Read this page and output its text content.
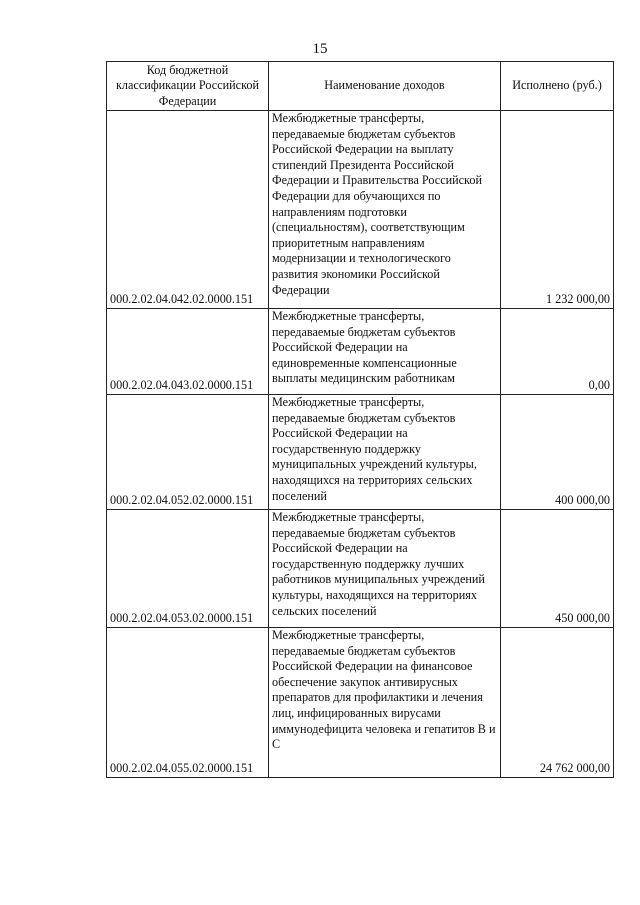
15
Код бюджетной классификации Российской Федерации	Наименование доходов	Исполнено (руб.)
000.2.02.04.042.02.0000.151	Межбюджетные трансферты, передаваемые бюджетам субъектов Российской Федерации на выплату стипендий Президента Российской Федерации и Правительства Российской Федерации для обучающихся по направлениям подготовки (специальностям), соответствующим приоритетным направлениям модернизации и технологического развития экономики Российской Федерации	1 232 000,00
000.2.02.04.043.02.0000.151	Межбюджетные трансферты, передаваемые бюджетам субъектов Российской Федерации на единовременные компенсационные выплаты медицинским работникам	0,00
000.2.02.04.052.02.0000.151	Межбюджетные трансферты, передаваемые бюджетам субъектов Российской Федерации на государственную поддержку муниципальных учреждений культуры, находящихся на территориях сельских поселений	400 000,00
000.2.02.04.053.02.0000.151	Межбюджетные трансферты, передаваемые бюджетам субъектов Российской Федерации на государственную поддержку лучших работников муниципальных учреждений культуры, находящихся на территориях сельских поселений	450 000,00
000.2.02.04.055.02.0000.151	Межбюджетные трансферты, передаваемые бюджетам субъектов Российской Федерации на финансовое обеспечение закупок антивирусных препаратов для профилактики и лечения лиц, инфицированных вирусами иммунодефицита человека и гепатитов В и С	24 762 000,00
